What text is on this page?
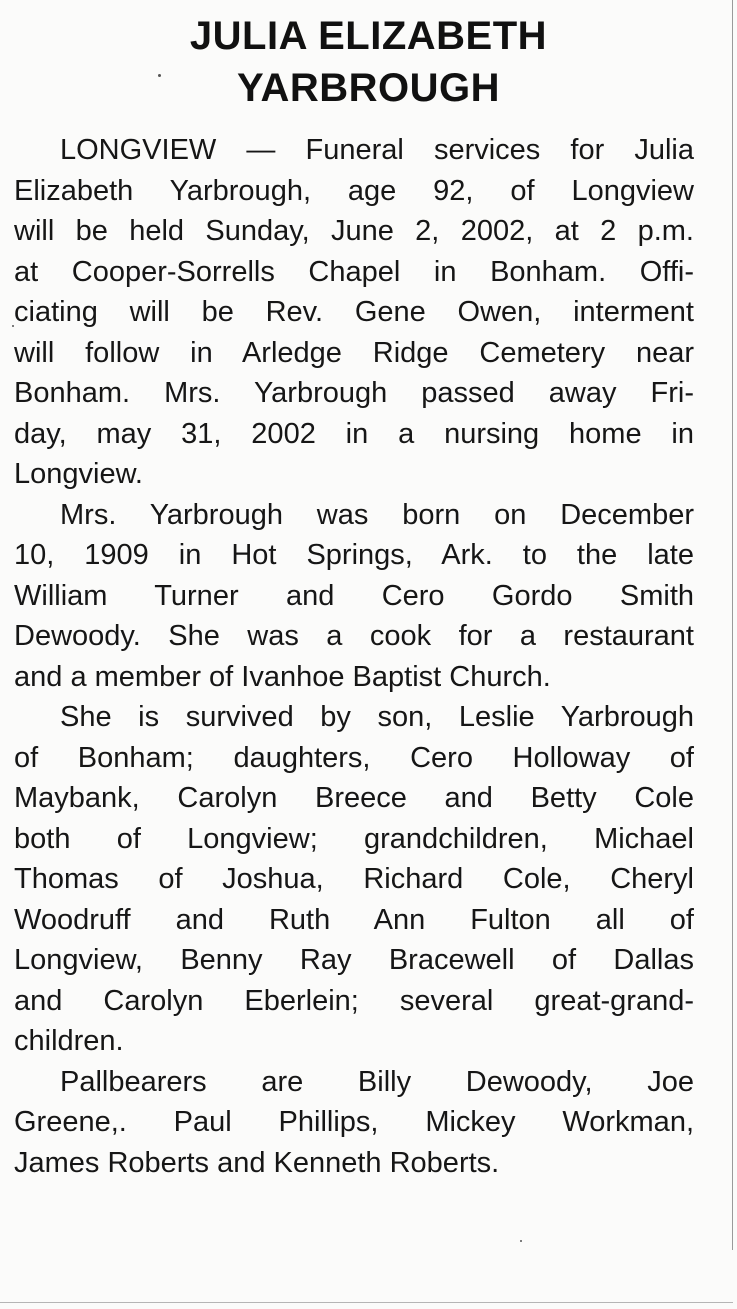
JULIA ELIZABETH
YARBROUGH
LONGVIEW — Funeral services for Julia
Elizabeth Yarbrough, age 92, of Longview
will be held Sunday, June 2, 2002, at 2 p.m.
at Cooper-Sorrells Chapel in Bonham. Offi-
ciating will be Rev. Gene Owen, interment
will follow in Arledge Ridge Cemetery near
Bonham. Mrs. Yarbrough passed away Fri-
day, may 31, 2002 in a nursing home in
Longview.
Mrs. Yarbrough was born on December
10, 1909 in Hot Springs, Ark. to the late
William Turner and Cero Gordo Smith
Dewoody. She was a cook for a restaurant
and a member of Ivanhoe Baptist Church.
She is survived by son, Leslie Yarbrough
of Bonham; daughters, Cero Holloway of
Maybank, Carolyn Breece and Betty Cole
both of Longview; grandchildren, Michael
Thomas of Joshua, Richard Cole, Cheryl
Woodruff and Ruth Ann Fulton all of
Longview, Benny Ray Bracewell of Dallas
and Carolyn Eberlein; several great-grand-
children.
Pallbearers are Billy Dewoody, Joe
Greene,. Paul Phillips, Mickey Workman,
James Roberts and Kenneth Roberts.
